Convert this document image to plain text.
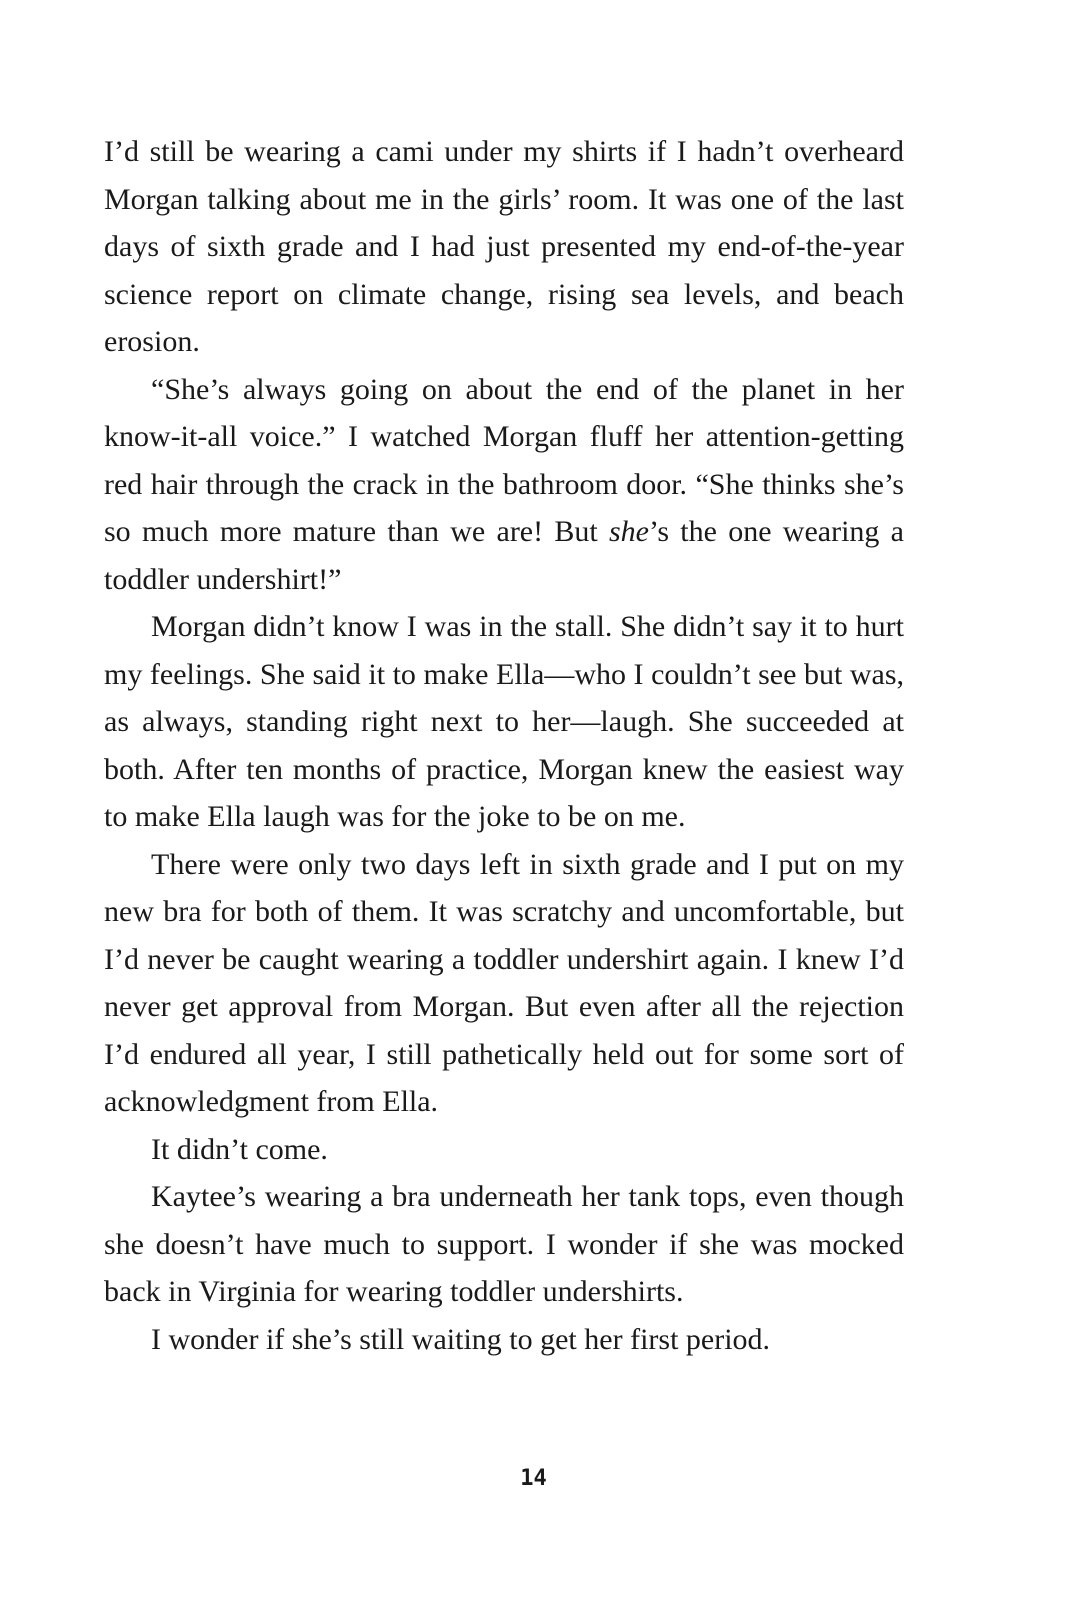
I’d still be wearing a cami under my shirts if I hadn’t overheard Morgan talking about me in the girls’ room. It was one of the last days of sixth grade and I had just presented my end-of-the-year science report on climate change, rising sea levels, and beach erosion.

“She’s always going on about the end of the planet in her know-it-all voice.” I watched Morgan fluff her attention-getting red hair through the crack in the bathroom door. “She thinks she’s so much more mature than we are! But she’s the one wearing a toddler undershirt!”

Morgan didn’t know I was in the stall. She didn’t say it to hurt my feelings. She said it to make Ella—who I couldn’t see but was, as always, standing right next to her—laugh. She succeeded at both. After ten months of practice, Morgan knew the easiest way to make Ella laugh was for the joke to be on me.

There were only two days left in sixth grade and I put on my new bra for both of them. It was scratchy and uncomfortable, but I’d never be caught wearing a toddler undershirt again. I knew I’d never get approval from Morgan. But even after all the rejection I’d endured all year, I still pathetically held out for some sort of acknowledgment from Ella.

It didn’t come.

Kaytee’s wearing a bra underneath her tank tops, even though she doesn’t have much to support. I wonder if she was mocked back in Virginia for wearing toddler undershirts.

I wonder if she’s still waiting to get her first period.

14
